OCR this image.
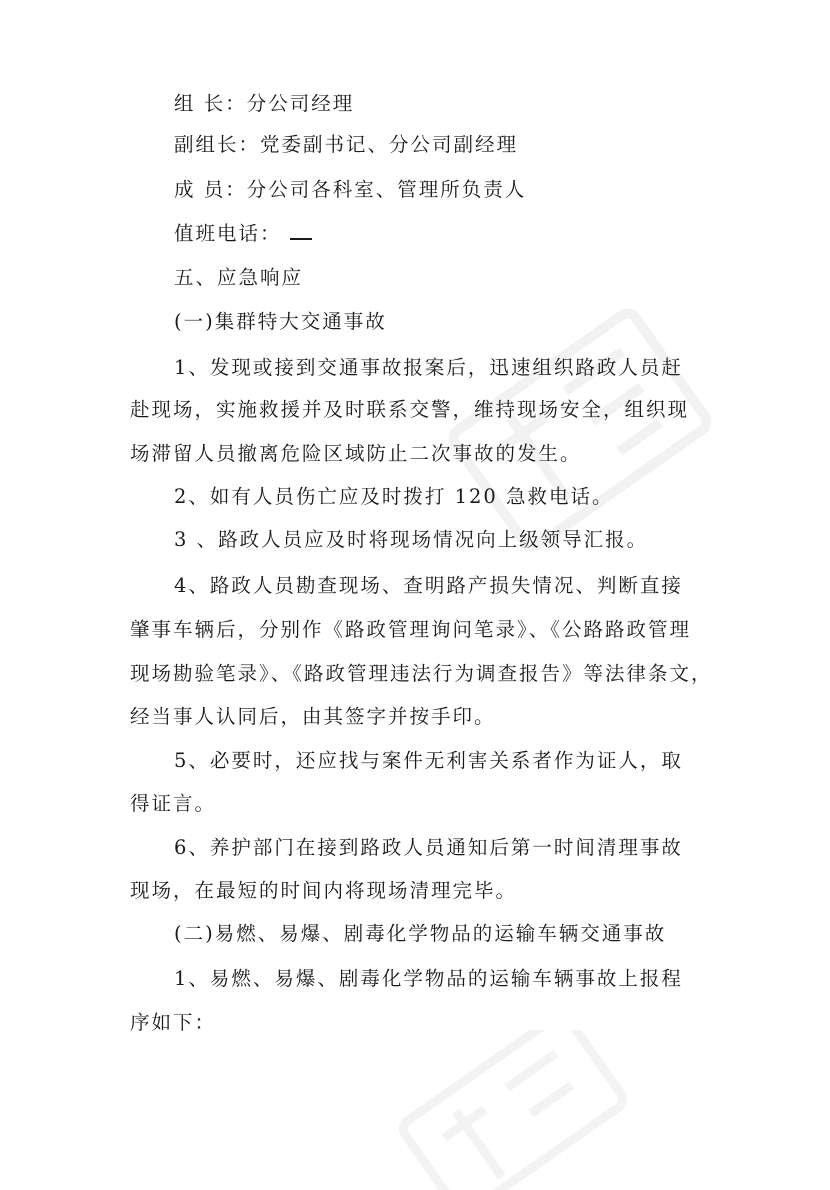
组 长：分公司经理
副组长：党委副书记、分公司副经理
成 员：分公司各科室、管理所负责人
值班电话：
五、应急响应
(一)集群特大交通事故
1、发现或接到交通事故报案后，迅速组织路政人员赶
赴现场，实施救援并及时联系交警，维持现场安全，组织现
场滞留人员撤离危险区域防止二次事故的发生。
2、如有人员伤亡应及时拨打 120 急救电话。
3 、路政人员应及时将现场情况向上级领导汇报。
4、路政人员勘查现场、查明路产损失情况、判断直接
肇事车辆后，分别作《路政管理询问笔录》、《公路路政管理
现场勘验笔录》、《路政管理违法行为调查报告》等法律条文，
经当事人认同后，由其签字并按手印。
5、必要时，还应找与案件无利害关系者作为证人，取
得证言。
6、养护部门在接到路政人员通知后第一时间清理事故
现场，在最短的时间内将现场清理完毕。
(二)易燃、易爆、剧毒化学物品的运输车辆交通事故
1、易燃、易爆、剧毒化学物品的运输车辆事故上报程
序如下：
